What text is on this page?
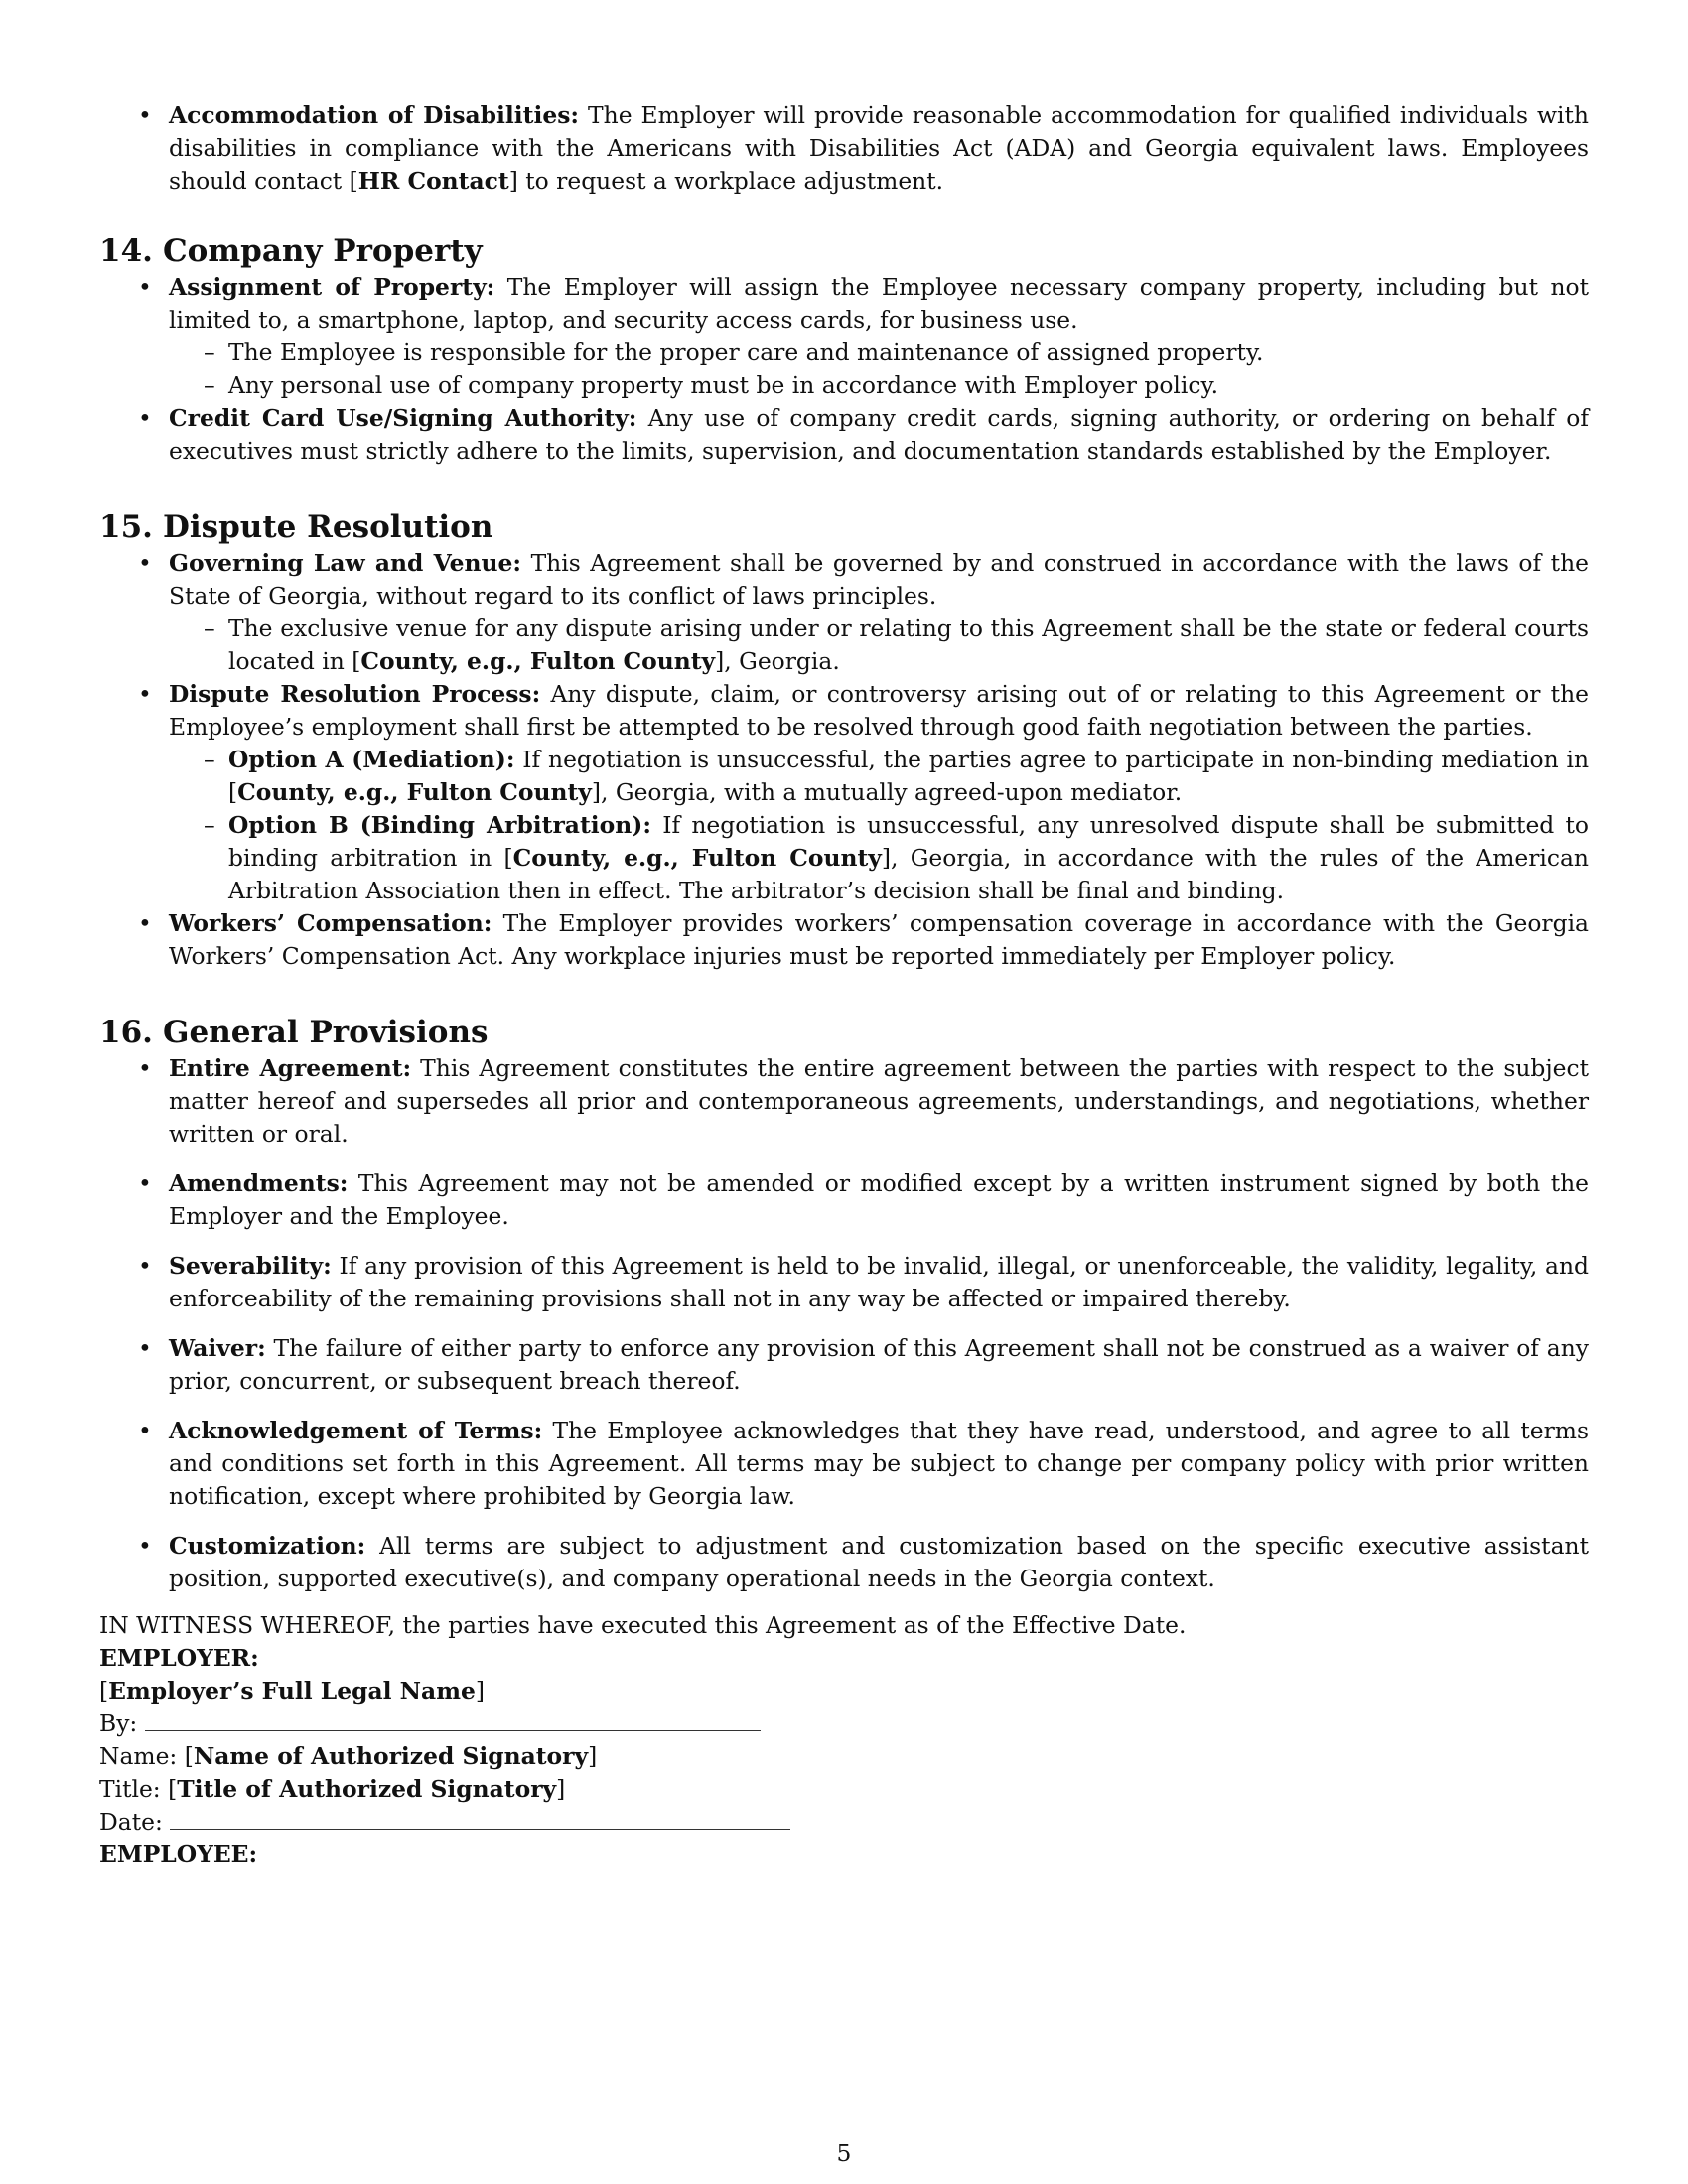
• Accommodation of Disabilities: The Employer will provide reasonable accommodation for qualified individuals with disabilities in compliance with the Americans with Disabilities Act (ADA) and Georgia equivalent laws. Employees should contact [HR Contact] to request a workplace adjustment.
14. Company Property
• Assignment of Property: The Employer will assign the Employee necessary company property, including but not limited to, a smartphone, laptop, and security access cards, for business use.
– The Employee is responsible for the proper care and maintenance of assigned property.
– Any personal use of company property must be in accordance with Employer policy.
• Credit Card Use/Signing Authority: Any use of company credit cards, signing authority, or ordering on behalf of executives must strictly adhere to the limits, supervision, and documentation standards established by the Employer.
15. Dispute Resolution
• Governing Law and Venue: This Agreement shall be governed by and construed in accordance with the laws of the State of Georgia, without regard to its conflict of laws principles.
– The exclusive venue for any dispute arising under or relating to this Agreement shall be the state or federal courts located in [County, e.g., Fulton County], Georgia.
• Dispute Resolution Process: Any dispute, claim, or controversy arising out of or relating to this Agreement or the Employee’s employment shall first be attempted to be resolved through good faith negotiation between the parties.
– Option A (Mediation): If negotiation is unsuccessful, the parties agree to participate in non-binding mediation in [County, e.g., Fulton County], Georgia, with a mutually agreed-upon mediator.
– Option B (Binding Arbitration): If negotiation is unsuccessful, any unresolved dispute shall be submitted to binding arbitration in [County, e.g., Fulton County], Georgia, in accordance with the rules of the American Arbitration Association then in effect. The arbitrator’s decision shall be final and binding.
• Workers’ Compensation: The Employer provides workers’ compensation coverage in accordance with the Georgia Workers’ Compensation Act. Any workplace injuries must be reported immediately per Employer policy.
16. General Provisions
• Entire Agreement: This Agreement constitutes the entire agreement between the parties with respect to the subject matter hereof and supersedes all prior and contemporaneous agreements, understandings, and negotiations, whether written or oral.
• Amendments: This Agreement may not be amended or modified except by a written instrument signed by both the Employer and the Employee.
• Severability: If any provision of this Agreement is held to be invalid, illegal, or unenforceable, the validity, legality, and enforceability of the remaining provisions shall not in any way be affected or impaired thereby.
• Waiver: The failure of either party to enforce any provision of this Agreement shall not be construed as a waiver of any prior, concurrent, or subsequent breach thereof.
• Acknowledgement of Terms: The Employee acknowledges that they have read, understood, and agree to all terms and conditions set forth in this Agreement. All terms may be subject to change per company policy with prior written notification, except where prohibited by Georgia law.
• Customization: All terms are subject to adjustment and customization based on the specific executive assistant position, supported executive(s), and company operational needs in the Georgia context.

IN WITNESS WHEREOF, the parties have executed this Agreement as of the Effective Date.

EMPLOYER:

[Employer’s Full Legal Name]

By:

Name: [Name of Authorized Signatory]

Title: [Title of Authorized Signatory]

Date:

EMPLOYEE:

5
